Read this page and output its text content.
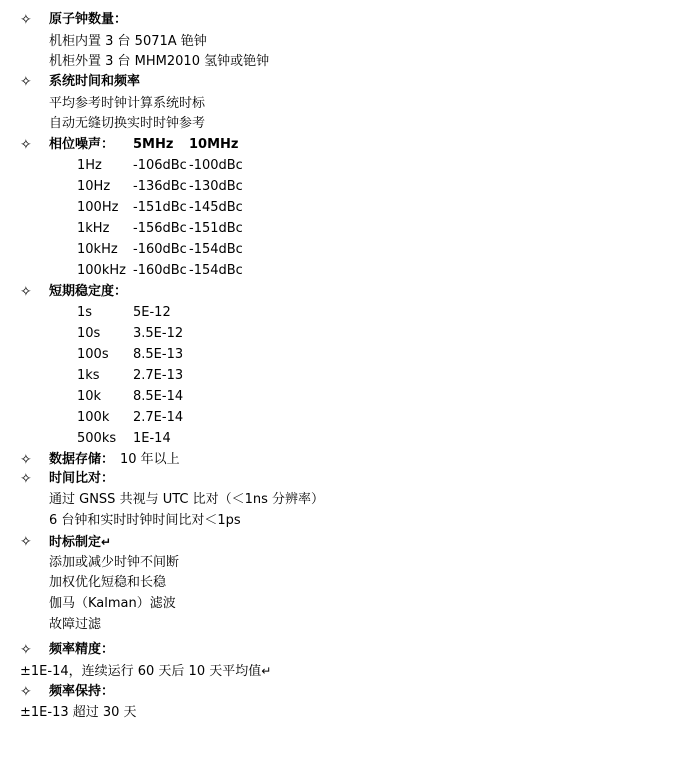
✧ 原子钟数量：
机柜内置 3 台 5071A 铯钟
机柜外置 3 台 MHM2010 氢钟或铯钟
✧ 系统时间和频率
平均参考时钟计算系统时标
自动无缝切换实时时钟参考
✧ 相位噪声： 5MHz 10MHz
1Hz -106dBc -100dBc
10Hz -136dBc -130dBc
100Hz -151dBc -145dBc
1kHz -156dBc -151dBc
10kHz -160dBc -154dBc
100kHz -160dBc -154dBc
✧ 短期稳定度：
1s	5E-12
10s	3.5E-12
100s 8.5E-13
1ks	2.7E-13
10k 8.5E-14
100k 2.7E-14
500ks 1E-14
✧ 数据存储： 10 年以上
✧ 时间比对：
通过 GNSS 共视与 UTC 比对（＜1ns 分辨率）
6 台钟和实时时钟时间比对＜1ps
✧ 时标制定↵
添加或减少时钟不间断
加权优化短稳和长稳
伽马（Kalman）滤波
故障过滤
✧ 频率精度：
±1E-14，连续运行 60 天后 10 天平均值↵
✧ 频率保持：
±1E-13 超过 30 天
